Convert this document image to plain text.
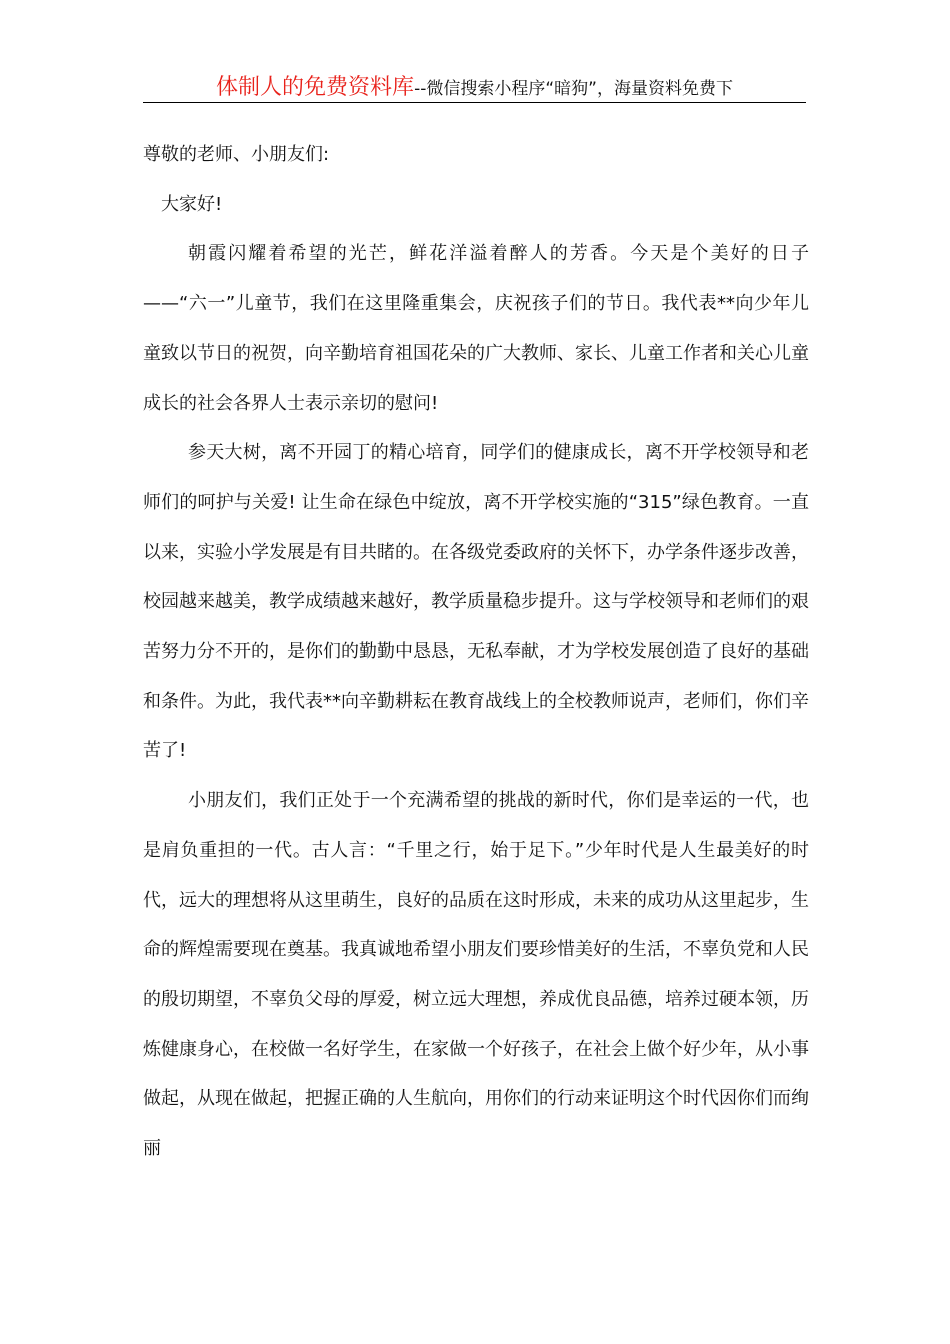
体制人的免费资料库--微信搜索小程序“暗狗”，海量资料免费下

尊敬的老师、小朋友们:

大家好!

朝霞闪耀着希望的光芒，鲜花洋溢着醉人的芳香。今天是个美好的日子——“六一”儿童节，我们在这里隆重集会，庆祝孩子们的节日。我代表**向少年儿童致以节日的祝贺，向辛勤培育祖国花朵的广大教师、家长、儿童工作者和关心儿童成长的社会各界人士表示亲切的慰问!

参天大树，离不开园丁的精心培育，同学们的健康成长，离不开学校领导和老师们的呵护与关爱! 让生命在绿色中绽放，离不开学校实施的“315”绿色教育。一直以来，实验小学发展是有目共睹的。在各级党委政府的关怀下，办学条件逐步改善，校园越来越美，教学成绩越来越好，教学质量稳步提升。这与学校领导和老师们的艰苦努力分不开的，是你们的勤勤中恳恳，无私奉献，才为学校发展创造了良好的基础和条件。为此，我代表**向辛勤耕耘在教育战线上的全校教师说声，老师们，你们辛苦了!

小朋友们，我们正处于一个充满希望的挑战的新时代，你们是幸运的一代，也是肩负重担的一代。古人言：“千里之行，始于足下。”少年时代是人生最美好的时代，远大的理想将从这里萌生，良好的品质在这时形成，未来的成功从这里起步，生命的辉煌需要现在奠基。我真诚地希望小朋友们要珍惜美好的生活，不辜负党和人民的殷切期望，不辜负父母的厚爱，树立远大理想，养成优良品德，培养过硬本领，历炼健康身心，在校做一名好学生，在家做一个好孩子，在社会上做个好少年，从小事做起，从现在做起，把握正确的人生航向，用你们的行动来证明这个时代因你们而绚丽
